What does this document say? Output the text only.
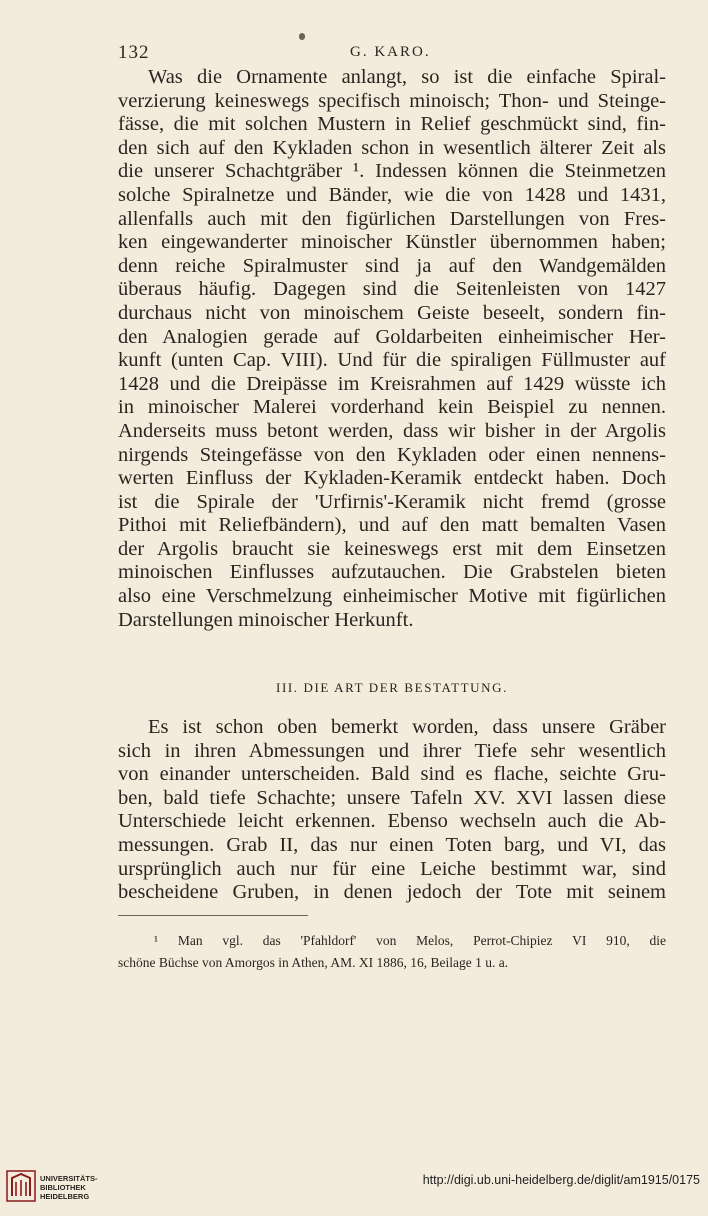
132	G. KARO.
Was die Ornamente anlangt, so ist die einfache Spiral-
verzierung keineswegs specifisch minoisch; Thon- und Steinge-
fässe, die mit solchen Mustern in Relief geschmückt sind, fin-
den sich auf den Kykladen schon in wesentlich älterer Zeit als
die unserer Schachtgräber ¹. Indessen können die Steinmetzen
solche Spiralnetze und Bänder, wie die von 1428 und 1431,
allenfalls auch mit den figürlichen Darstellungen von Fres-
ken eingewanderter minoischer Künstler übernommen haben;
denn reiche Spiralmuster sind ja auf den Wandgemälden
überaus häufig. Dagegen sind die Seitenleisten von 1427
durchaus nicht von minoischem Geiste beseelt, sondern fin-
den Analogien gerade auf Goldarbeiten einheimischer Her-
kunft (unten Cap. VIII). Und für die spiraligen Füllmuster auf
1428 und die Dreipässe im Kreisrahmen auf 1429 wüsste ich
in minoischer Malerei vorderhand kein Beispiel zu nennen.
Anderseits muss betont werden, dass wir bisher in der Argolis
nirgends Steingefässe von den Kykladen oder einen nennens-
werten Einfluss der Kykladen-Keramik entdeckt haben. Doch
ist die Spirale der 'Urfirnis'-Keramik nicht fremd (grosse
Pithoi mit Reliefbändern), und auf den matt bemalten Vasen
der Argolis braucht sie keineswegs erst mit dem Einsetzen
minoischen Einflusses aufzutauchen. Die Grabstelen bieten
also eine Verschmelzung einheimischer Motive mit figürlichen
Darstellungen minoischer Herkunft.
III. DIE ART DER BESTATTUNG.
Es ist schon oben bemerkt worden, dass unsere Gräber
sich in ihren Abmessungen und ihrer Tiefe sehr wesentlich
von einander unterscheiden. Bald sind es flache, seichte Gru-
ben, bald tiefe Schachte; unsere Tafeln XV. XVI lassen diese
Unterschiede leicht erkennen. Ebenso wechseln auch die Ab-
messungen. Grab II, das nur einen Toten barg, und VI, das
ursprünglich auch nur für eine Leiche bestimmt war, sind
bescheidene Gruben, in denen jedoch der Tote mit seinem
¹ Man vgl. das 'Pfahldorf' von Melos, Perrot-Chipiez VI 910, die
schöne Büchse von Amorgos in Athen, AM. XI 1886, 16, Beilage 1 u. a.
UNIVERSITÄTS-
BIBLIOTHEK
HEIDELBERG
http://digi.ub.uni-heidelberg.de/diglit/am1915/0175
